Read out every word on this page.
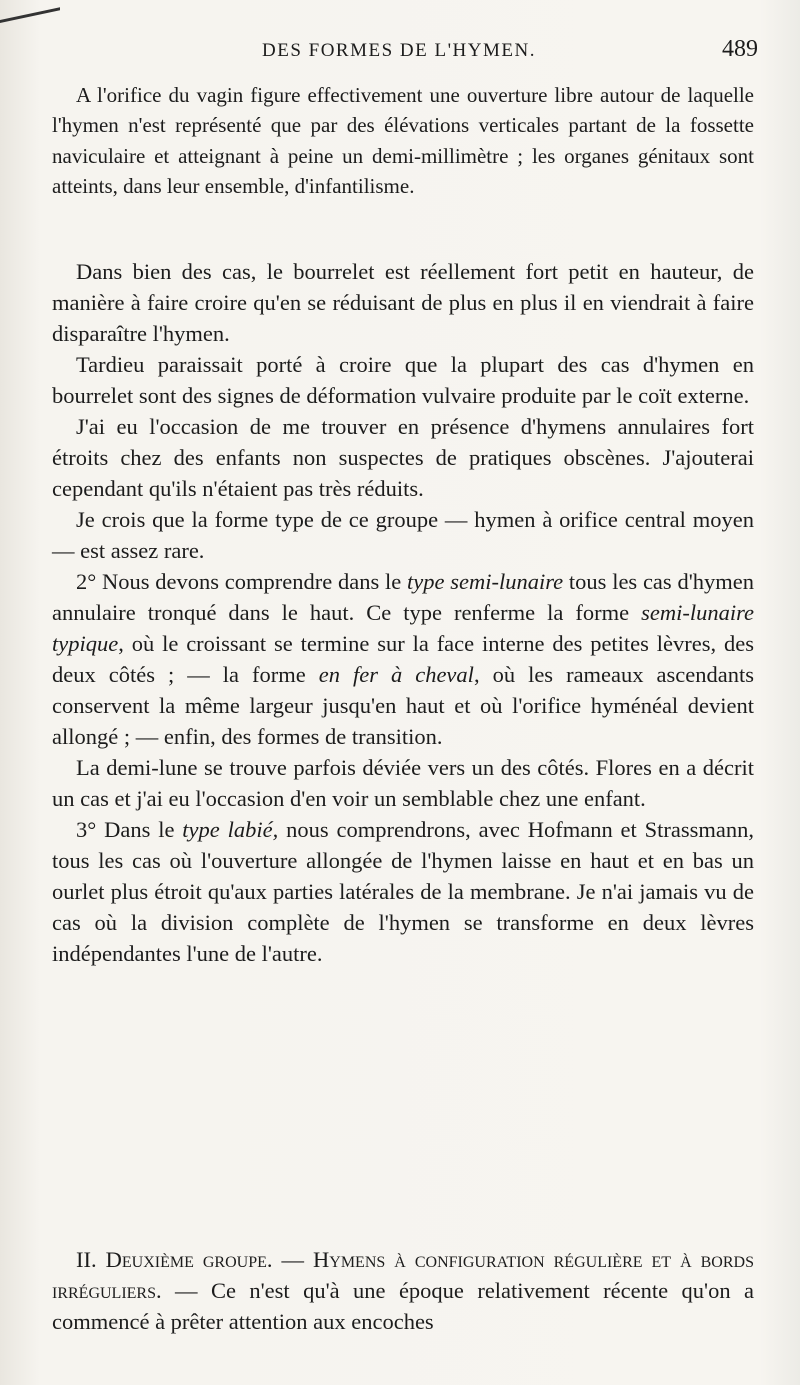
DES FORMES DE L'HYMEN.	489

A l'orifice du vagin figure effectivement une ouverture libre autour de laquelle l'hymen n'est représenté que par des élévations verticales partant de la fossette naviculaire et atteignant à peine un demi-millimètre ; les organes génitaux sont atteints, dans leur ensemble, d'infantilisme.

Dans bien des cas, le bourrelet est réellement fort petit en hauteur, de manière à faire croire qu'en se réduisant de plus en plus il en viendrait à faire disparaître l'hymen.

Tardieu paraissait porté à croire que la plupart des cas d'hymen en bourrelet sont des signes de déformation vulvaire produite par le coït externe.

J'ai eu l'occasion de me trouver en présence d'hymens annulaires fort étroits chez des enfants non suspectes de pratiques obscènes. J'ajouterai cependant qu'ils n'étaient pas très réduits.

Je crois que la forme type de ce groupe — hymen à orifice central moyen — est assez rare.

2° Nous devons comprendre dans le type semi-lunaire tous les cas d'hymen annulaire tronqué dans le haut. Ce type renferme la forme semi-lunaire typique, où le croissant se termine sur la face interne des petites lèvres, des deux côtés ; — la forme en fer à cheval, où les rameaux ascendants conservent la même largeur jusqu'en haut et où l'orifice hyménéal devient allongé ; — enfin, des formes de transition.

La demi-lune se trouve parfois déviée vers un des côtés. Flores en a décrit un cas et j'ai eu l'occasion d'en voir un semblable chez une enfant.

3° Dans le type labié, nous comprendrons, avec Hofmann et Strassmann, tous les cas où l'ouverture allongée de l'hymen laisse en haut et en bas un ourlet plus étroit qu'aux parties latérales de la membrane. Je n'ai jamais vu de cas où la division complète de l'hymen se transforme en deux lèvres indépendantes l'une de l'autre.

II. Deuxième groupe. — Hymens à configuration régulière et à bords irréguliers. — Ce n'est qu'à une époque relativement récente qu'on a commencé à prêter attention aux encoches
